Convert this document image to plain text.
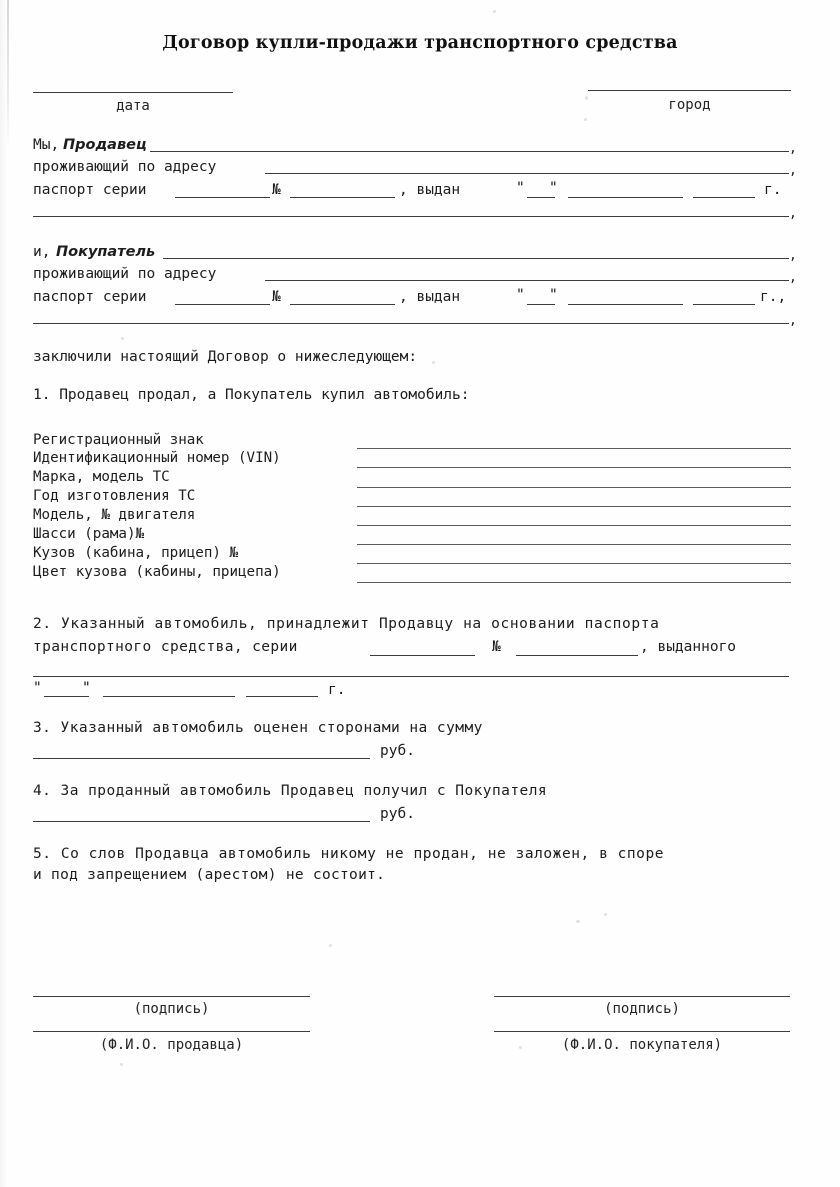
Договор купли-продажи транспортного средства
дата	город
Мы, Продавец	,
проживающий по адресу	,
паспорт серии	№	, выдан	" "	г.
,
и, Покупатель	,
проживающий по адресу	,
паспорт серии	№	, выдан	" "	г.,
,
заключили настоящий Договор о нижеследующем:
1. Продавец продал, а Покупатель купил автомобиль:
Регистрационный знак
Идентификационный номер (VIN)
Марка, модель ТС
Год изготовления ТС
Модель, № двигателя
Шасси (рама)№
Кузов (кабина, прицеп) №
Цвет кузова (кабины, прицепа)
2. Указанный автомобиль, принадлежит Продавцу на основании паспорта
транспортного средства, серии	№	, выданного
"	"	г.
3. Указанный автомобиль оценен сторонами на сумму
руб.
4. За проданный автомобиль Продавец получил с Покупателя
руб.
5. Со слов Продавца автомобиль никому не продан, не заложен, в споре
и под запрещением (арестом) не состоит.
(подпись)
(Ф.И.О. продавца)
(подпись)
(Ф.И.О. покупателя)
